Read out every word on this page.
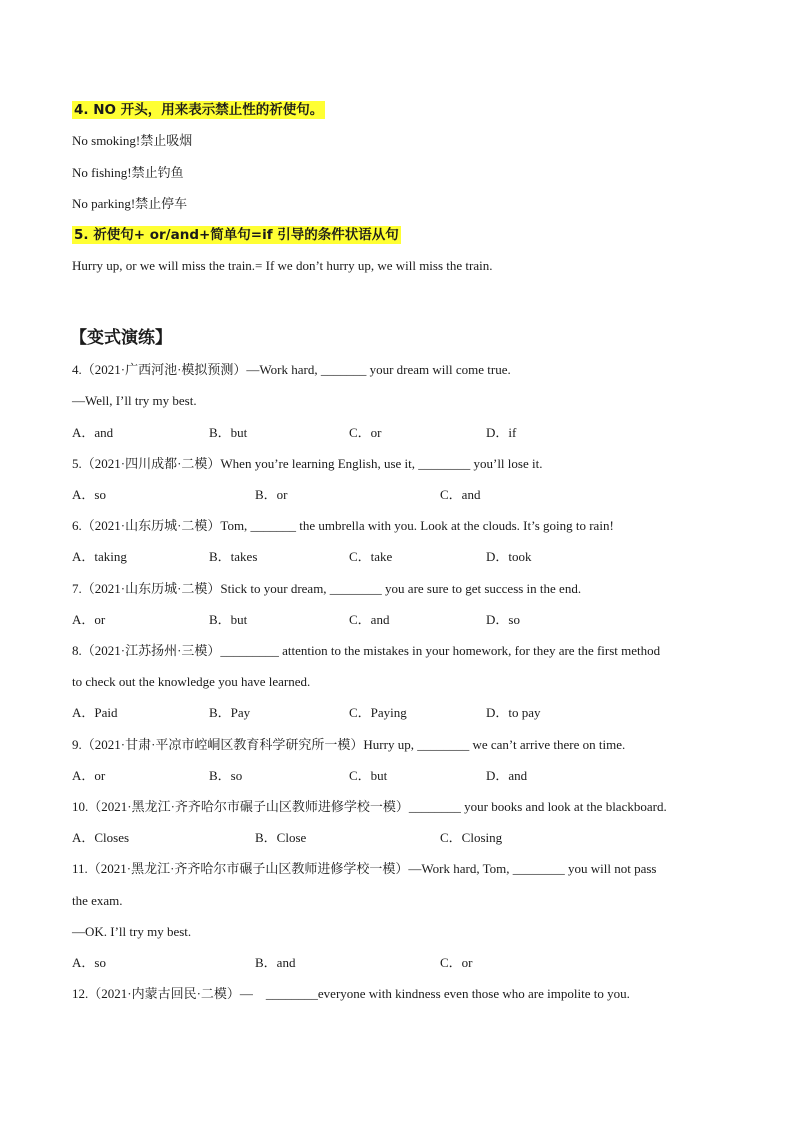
4. NO 开头，用来表示禁止性的祈使句。
No smoking!禁止吸烟
No fishing!禁止钓鱼
No parking!禁止停车
5. 祈使句+ or/and+简单句=if 引导的条件状语从句
Hurry up, or we will miss the train.= If we don’t hurry up, we will miss the train.
【变式演练】
4.（2021·广西河池·模拟预测）—Work hard, _______ your dream will come true.
—Well, I’ll try my best.
A．and	B．but	C．or	D．if
5.（2021·四川成都·二模）When you’re learning English, use it, ________ you’ll lose it.
A．so	B．or	C．and
6.（2021·山东历城·二模）Tom, _______ the umbrella with you. Look at the clouds. It’s going to rain!
A．taking	B．takes	C．take	D．took
7.（2021·山东历城·二模）Stick to your dream, ________ you are sure to get success in the end.
A．or	B．but	C．and	D．so
8.（2021·江苏扬州·三模）_________ attention to the mistakes in your homework, for they are the first method
to check out the knowledge you have learned.
A．Paid	B．Pay	C．Paying	D．to pay
9.（2021·甘肃·平凉市崆峒区教育科学研究所一模）Hurry up, ________ we can’t arrive there on time.
A．or	B．so	C．but	D．and
10.（2021·黑龙江·齐齐哈尔市碾子山区教师进修学校一模）________ your books and look at the blackboard.
A．Closes	B．Close	C．Closing
11.（2021·黑龙江·齐齐哈尔市碾子山区教师进修学校一模）—Work hard, Tom, ________ you will not pass
the exam.
—OK. I’ll try my best.
A．so	B．and	C．or
12.（2021·内蒙古回民·二模）—　________everyone with kindness even those who are impolite to you.
